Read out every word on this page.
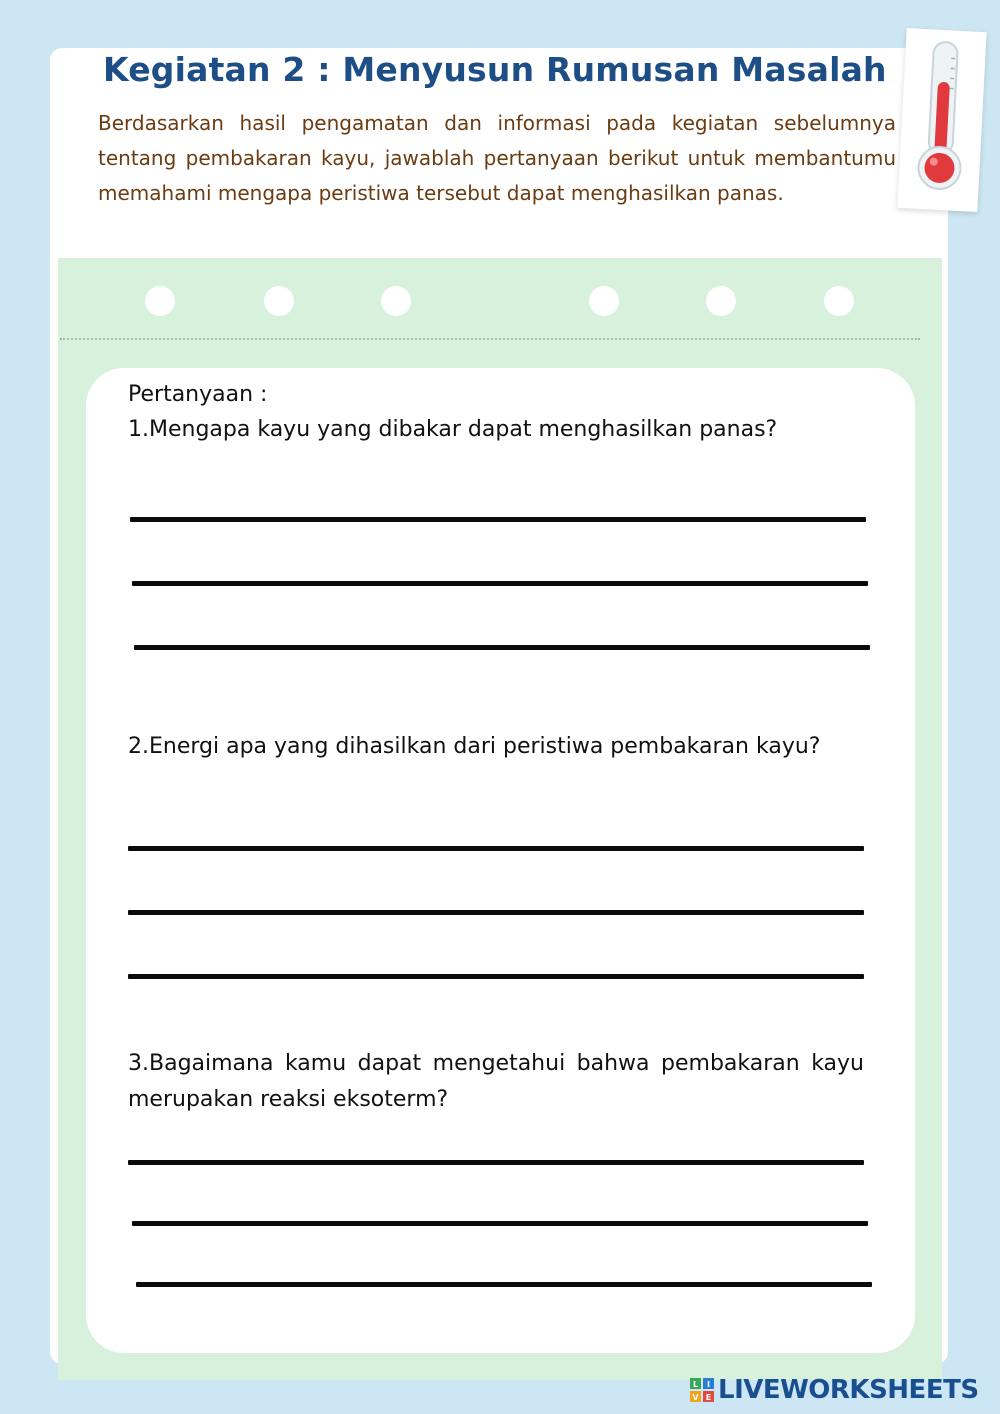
Kegiatan 2 : Menyusun Rumusan Masalah

Berdasarkan hasil pengamatan dan informasi pada kegiatan sebelumnya tentang pembakaran kayu, jawablah pertanyaan berikut untuk membantumu memahami mengapa peristiwa tersebut dapat menghasilkan panas.

Pertanyaan :

1.Mengapa kayu yang dibakar dapat menghasilkan panas?

2.Energi apa yang dihasilkan dari peristiwa pembakaran kayu?

3.Bagaimana kamu dapat mengetahui bahwa pembakaran kayu merupakan reaksi eksoterm?

L I
V E LIVEWORKSHEETS
